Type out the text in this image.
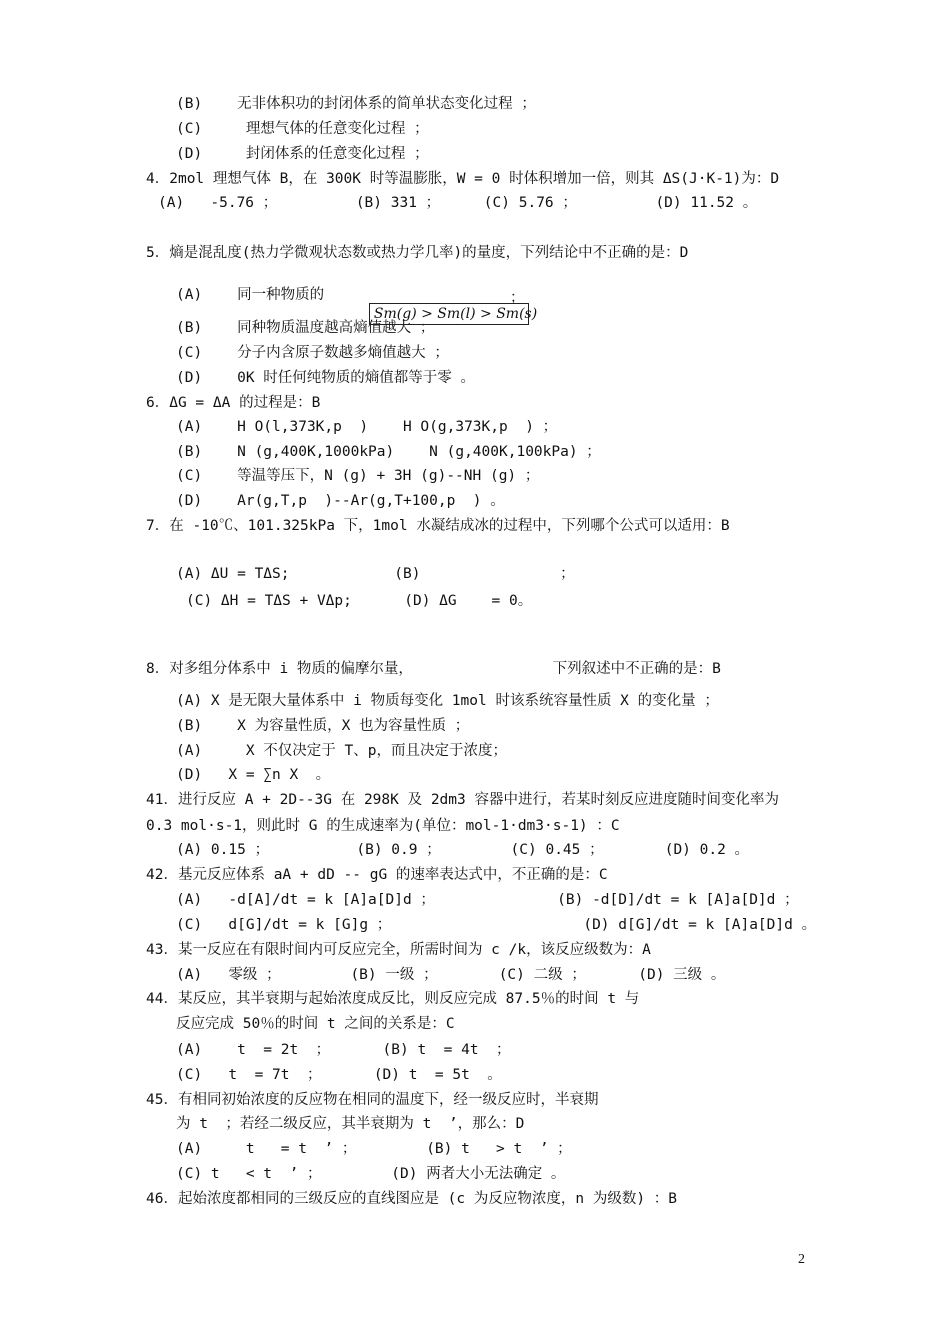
(B)    无非体积功的封闭体系的简单状态变化过程 ；
(C)     理想气体的任意变化过程 ；
(D)     封闭体系的任意变化过程 ；
4．2mol 理想气体 B，在 300K 时等温膨胀，W = 0 时体积增加一倍，则其 ΔS(J·K-1)为：D
(A)   -5.76 ；         (B) 331 ；     (C) 5.76 ；         (D) 11.52 。
5．熵是混乱度(热力学微观状态数或热力学几率)的量度，下列结论中不正确的是：D
(A)    同一种物质的	；
(B)    同种物质温度越高熵值越大 ；
(C)    分子内含原子数越多熵值越大 ；
(D)    0K 时任何纯物质的熵值都等于零 。
6．ΔG = ΔA 的过程是：B
(A)    H O(l,373K,p  )    H O(g,373K,p  ) ；
(B)    N (g,400K,1000kPa)    N (g,400K,100kPa) ；
(C)    等温等压下，N (g) + 3H (g)--NH (g) ；
(D)    Ar(g,T,p  )--Ar(g,T+100,p  ) 。
7．在 -10℃、101.325kPa 下，1mol 水凝结成冰的过程中，下列哪个公式可以适用：B
(A) ΔU = TΔS;            (B)                ；
(C) ΔH = TΔS + VΔp;      (D) ΔG    = 0。
8．对多组分体系中 i 物质的偏摩尔量，                下列叙述中不正确的是：B
(A) X 是无限大量体系中 i 物质每变化 1mol 时该系统容量性质 X 的变化量 ；
(B)    X 为容量性质，X 也为容量性质 ；
(A)     X 不仅决定于 T、p，而且决定于浓度；
(D)   X = ∑n X  。
41．进行反应 A + 2D--3G 在 298K 及 2dm3 容器中进行，若某时刻反应进度随时间变化率为
0.3 mol·s-1，则此时 G 的生成速率为(单位：mol-1·dm3·s-1) ：C
(A) 0.15 ；          (B) 0.9 ；        (C) 0.45 ；       (D) 0.2 。
42．基元反应体系 aA + dD -- gG 的速率表达式中，不正确的是：C
(A)   -d[A]/dt = k [A]a[D]d ；              (B) -d[D]/dt = k [A]a[D]d ；
(C)   d[G]/dt = k [G]g ；                      (D) d[G]/dt = k [A]a[D]d 。
43．某一反应在有限时间内可反应完全，所需时间为 c /k，该反应级数为：A
(A)   零级 ；        (B) 一级 ；       (C) 二级 ；      (D) 三级 。
44．某反应，其半衰期与起始浓度成反比，则反应完成 87.5％的时间 t 与
反应完成 50％的时间 t 之间的关系是：C
(A)    t  = 2t  ；      (B) t  = 4t  ；
(C)   t  = 7t  ；      (D) t  = 5t  。
45．有相同初始浓度的反应物在相同的温度下，经一级反应时，半衰期
为 t  ；若经二级反应，其半衰期为 t  ’，那么：D
(A)     t   = t  ’ ；        (B) t   > t  ’ ；
(C) t   < t  ’ ；        (D) 两者大小无法确定 。
46．起始浓度都相同的三级反应的直线图应是 (c 为反应物浓度，n 为级数) ：B

Sm(g) > Sm(l) > Sm(s)

2
